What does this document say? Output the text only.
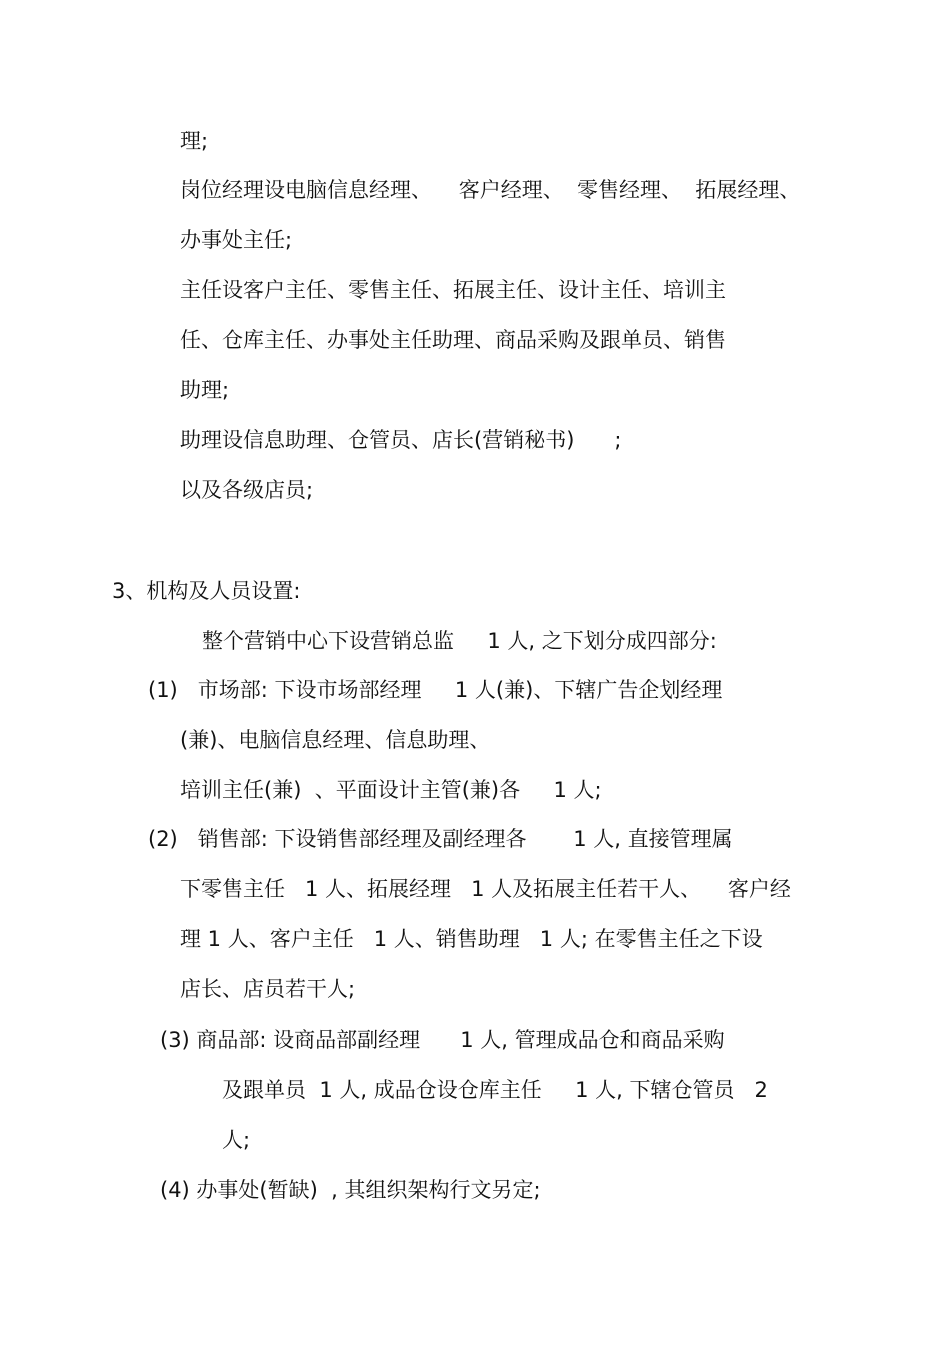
理;

岗位经理设电脑信息经理、    客户经理、  零售经理、  拓展经理、

办事处主任;

主任设客户主任、零售主任、拓展主任、设计主任、培训主

任、仓库主任、办事处主任助理、商品采购及跟单员、销售

助理;

助理设信息助理、仓管员、店长(营销秘书)      ;

以及各级店员;

3、机构及人员设置:

整个营销中心下设营销总监     1 人, 之下划分成四部分:

(1)   市场部: 下设市场部经理     1 人(兼)、下辖广告企划经理

(兼)、电脑信息经理、信息助理、

培训主任(兼)  、平面设计主管(兼)各     1 人;

(2)   销售部: 下设销售部经理及副经理各       1 人, 直接管理属

下零售主任   1 人、拓展经理   1 人及拓展主任若干人、    客户经

理 1 人、客户主任   1 人、销售助理   1 人; 在零售主任之下设

店长、店员若干人;

(3) 商品部: 设商品部副经理      1 人, 管理成品仓和商品采购

及跟单员  1 人, 成品仓设仓库主任     1 人, 下辖仓管员   2

人;

(4) 办事处(暂缺)  , 其组织架构行文另定;
